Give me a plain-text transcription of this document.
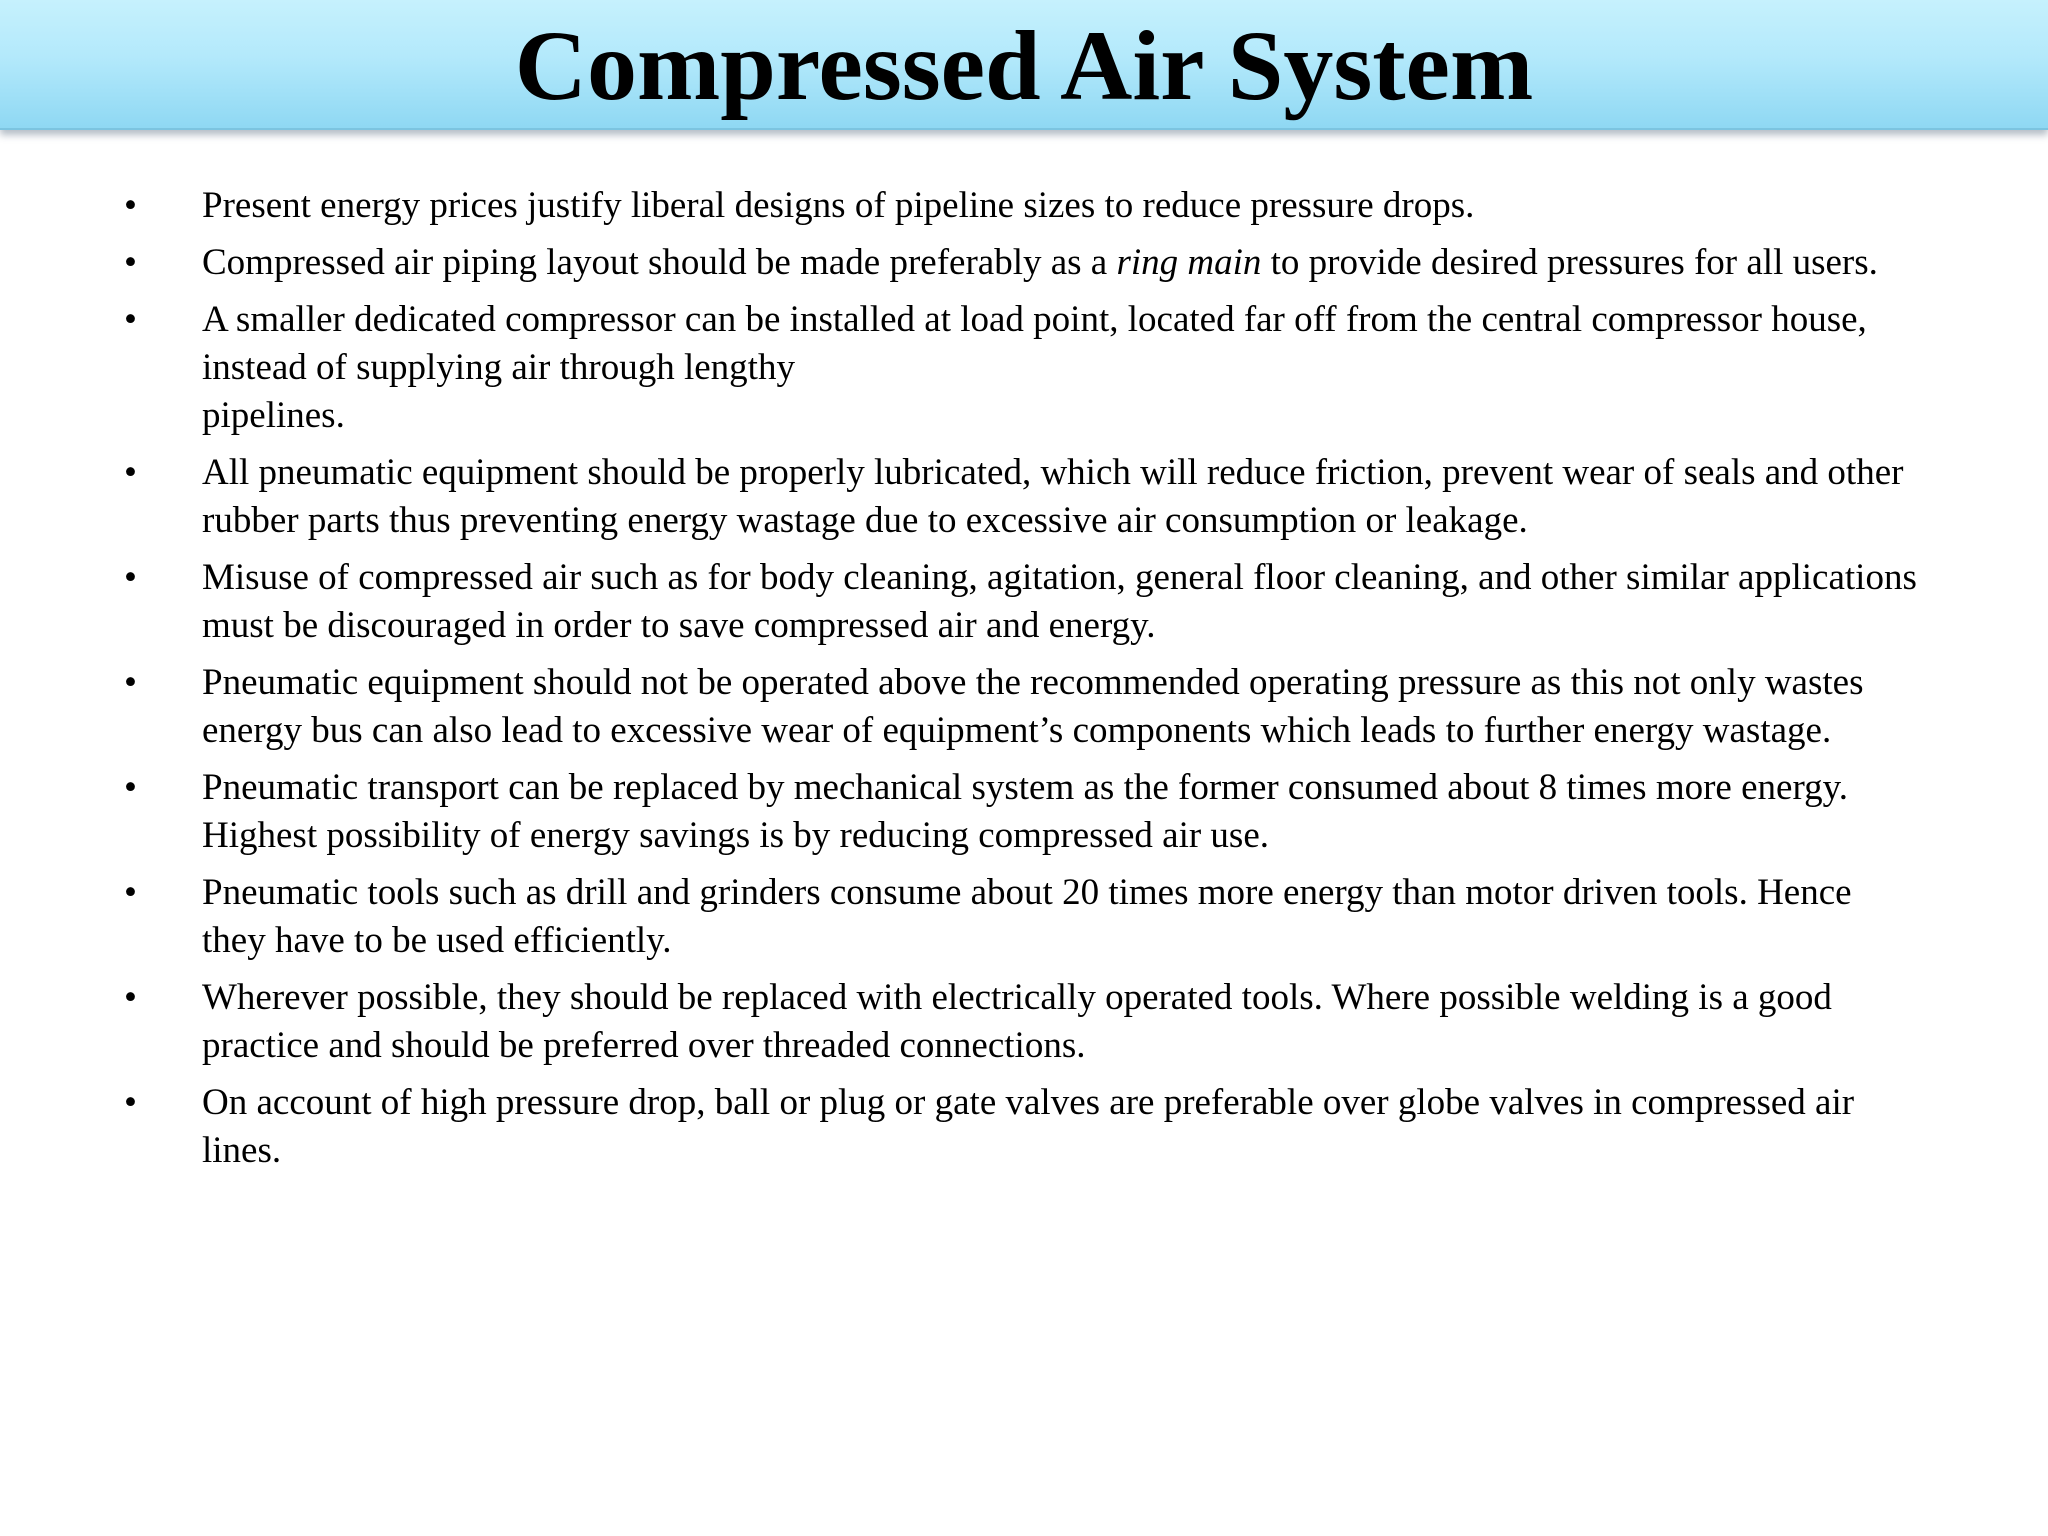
Compressed Air System
• Present energy prices justify liberal designs of pipeline sizes to reduce pressure drops.
• Compressed air piping layout should be made preferably as a ring main to provide desired pressures for all users.
• A smaller dedicated compressor can be installed at load point, located far off from the central compressor house, instead of supplying air through lengthy
pipelines.
• All pneumatic equipment should be properly lubricated, which will reduce friction, prevent wear of seals and other rubber parts thus preventing energy wastage due to excessive air consumption or leakage.
• Misuse of compressed air such as for body cleaning, agitation, general floor cleaning, and other similar applications must be discouraged in order to save compressed air and energy.
• Pneumatic equipment should not be operated above the recommended operating pressure as this not only wastes energy bus can also lead to excessive wear of equipment’s components which leads to further energy wastage.
• Pneumatic transport can be replaced by mechanical system as the former consumed about 8 times more energy. Highest possibility of energy savings is by reducing compressed air use.
• Pneumatic tools such as drill and grinders consume about 20 times more energy than motor driven tools. Hence they have to be used efficiently.
• Wherever possible, they should be replaced with electrically operated tools. Where possible welding is a good practice and should be preferred over threaded connections.
• On account of high pressure drop, ball or plug or gate valves are preferable over globe valves in compressed air lines.
